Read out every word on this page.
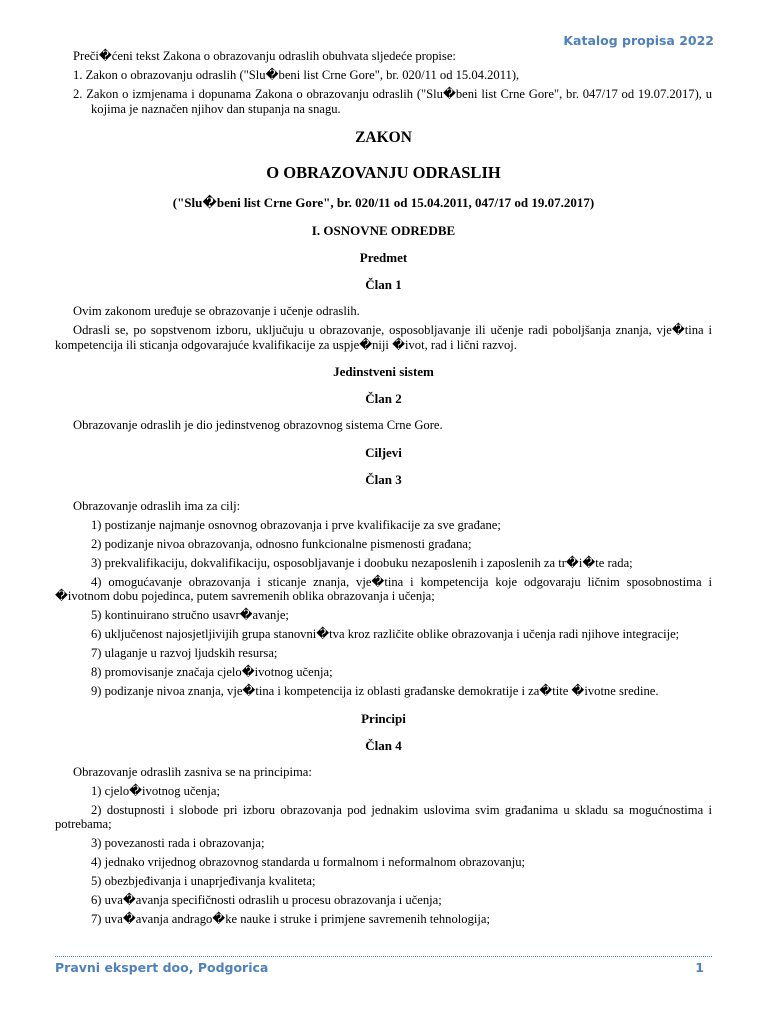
Katalog propisa 2022

Preči�ćeni tekst Zakona o obrazovanju odraslih obuhvata sljedeće propise:

1. Zakon o obrazovanju odraslih ("Slu�beni list Crne Gore", br. 020/11 od 15.04.2011),

2. Zakon o izmjenama i dopunama Zakona o obrazovanju odraslih ("Slu�beni list Crne Gore", br. 047/17 od 19.07.2017), u kojima je naznačen njihov dan stupanja na snagu.

ZAKON
O OBRAZOVANJU ODRASLIH
("Slu�beni list Crne Gore", br. 020/11 od 15.04.2011, 047/17 od 19.07.2017)
I. OSNOVNE ODREDBE
Predmet
Član 1

Ovim zakonom uređuje se obrazovanje i učenje odraslih.

Odrasli se, po sopstvenom izboru, uključuju u obrazovanje, osposobljavanje ili učenje radi poboljšanja znanja, vje�tina i kompetencija ili sticanja odgovarajuće kvalifikacije za uspje�niji �ivot, rad i lični razvoj.

Jedinstveni sistem
Član 2

Obrazovanje odraslih je dio jedinstvenog obrazovnog sistema Crne Gore.

Ciljevi
Član 3

Obrazovanje odraslih ima za cilj:

1) postizanje najmanje osnovnog obrazovanja i prve kvalifikacije za sve građane;

2) podizanje nivoa obrazovanja, odnosno funkcionalne pismenosti građana;

3) prekvalifikaciju, dokvalifikaciju, osposobljavanje i doobuku nezaposlenih i zaposlenih za tr�i�te rada;

4) omogućavanje obrazovanja i sticanje znanja, vje�tina i kompetencija koje odgovaraju ličnim sposobnostima i �ivotnom dobu pojedinca, putem savremenih oblika obrazovanja i učenja;

5) kontinuirano stručno usavr�avanje;

6) uključenost najosjetljivijih grupa stanovni�tva kroz različite oblike obrazovanja i učenja radi njihove integracije;

7) ulaganje u razvoj ljudskih resursa;

8) promovisanje značaja cjelo�ivotnog učenja;

9) podizanje nivoa znanja, vje�tina i kompetencija iz oblasti građanske demokratije i za�tite �ivotne sredine.

Principi
Član 4

Obrazovanje odraslih zasniva se na principima:

1) cjelo�ivotnog učenja;

2) dostupnosti i slobode pri izboru obrazovanja pod jednakim uslovima svim građanima u skladu sa mogućnostima i potrebama;

3) povezanosti rada i obrazovanja;

4) jednako vrijednog obrazovnog standarda u formalnom i neformalnom obrazovanju;

5) obezbjeđivanja i unaprjeđivanja kvaliteta;

6) uva�avanja specifičnosti odraslih u procesu obrazovanja i učenja;

7) uva�avanja andrago�ke nauke i struke i primjene savremenih tehnologija;

Pravni ekspert doo, Podgorica	1
